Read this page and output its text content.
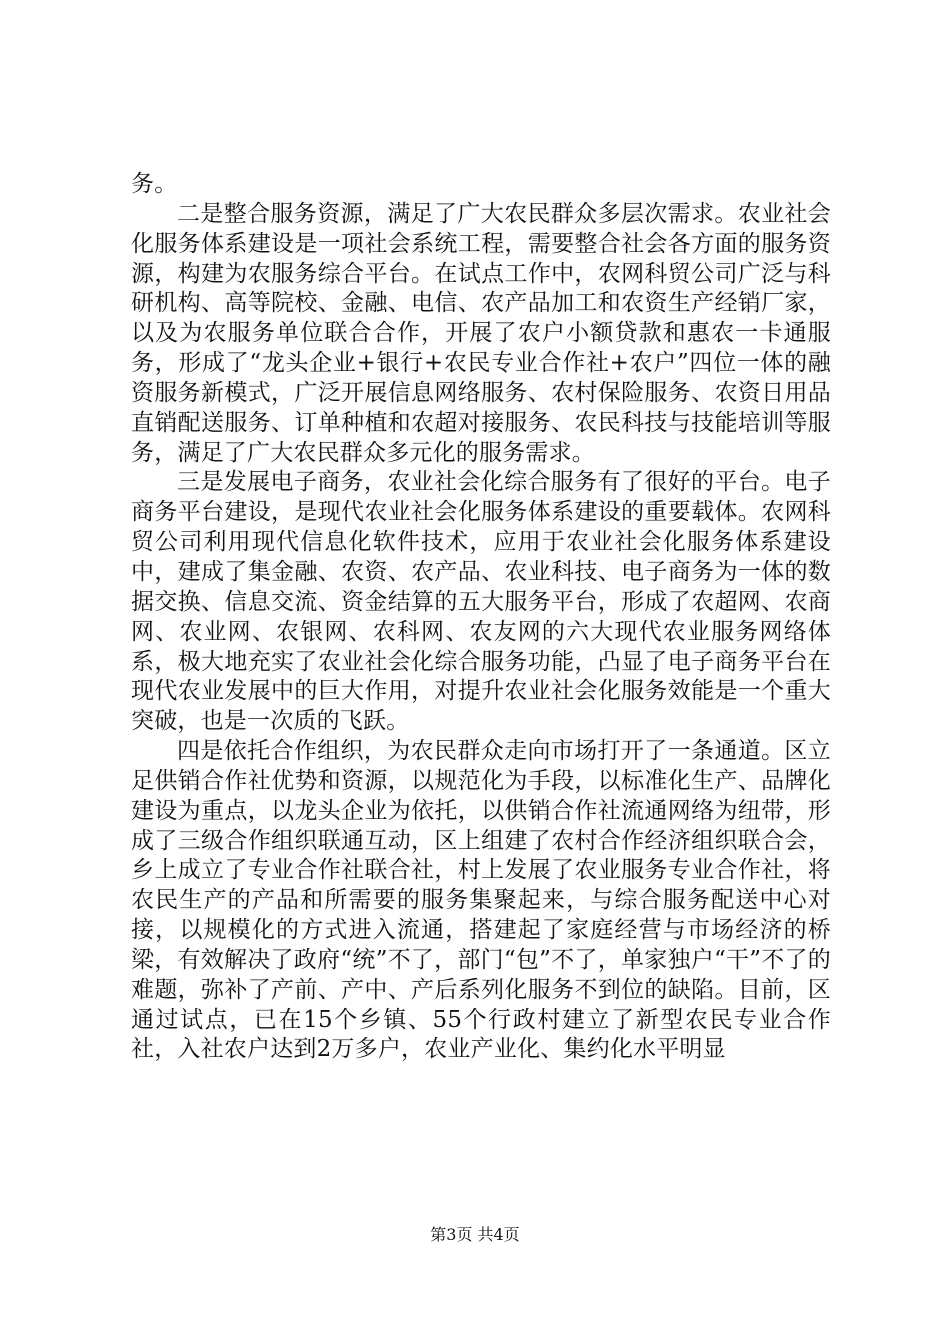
务。

二是整合服务资源，满足了广大农民群众多层次需求。农业社会化服务体系建设是一项社会系统工程，需要整合社会各方面的服务资源，构建为农服务综合平台。在试点工作中，农网科贸公司广泛与科研机构、高等院校、金融、电信、农产品加工和农资生产经销厂家，以及为农服务单位联合合作，开展了农户小额贷款和惠农一卡通服务，形成了“龙头企业+银行+农民专业合作社+农户”四位一体的融资服务新模式，广泛开展信息网络服务、农村保险服务、农资日用品直销配送服务、订单种植和农超对接服务、农民科技与技能培训等服务，满足了广大农民群众多元化的服务需求。

三是发展电子商务，农业社会化综合服务有了很好的平台。电子商务平台建设，是现代农业社会化服务体系建设的重要载体。农网科贸公司利用现代信息化软件技术，应用于农业社会化服务体系建设中，建成了集金融、农资、农产品、农业科技、电子商务为一体的数据交换、信息交流、资金结算的五大服务平台，形成了农超网、农商网、农业网、农银网、农科网、农友网的六大现代农业服务网络体系，极大地充实了农业社会化综合服务功能，凸显了电子商务平台在现代农业发展中的巨大作用，对提升农业社会化服务效能是一个重大突破，也是一次质的飞跃。

四是依托合作组织，为农民群众走向市场打开了一条通道。区立足供销合作社优势和资源，以规范化为手段，以标准化生产、品牌化建设为重点，以龙头企业为依托，以供销合作社流通网络为纽带，形成了三级合作组织联通互动，区上组建了农村合作经济组织联合会，乡上成立了专业合作社联合社，村上发展了农业服务专业合作社，将农民生产的产品和所需要的服务集聚起来，与综合服务配送中心对接，以规模化的方式进入流通，搭建起了家庭经营与市场经济的桥梁，有效解决了政府“统”不了，部门“包”不了，单家独户“干”不了的难题，弥补了产前、产中、产后系列化服务不到位的缺陷。目前，区通过试点，已在15个乡镇、55个行政村建立了新型农民专业合作社，入社农户达到2万多户，农业产业化、集约化水平明显

第3页 共4页
